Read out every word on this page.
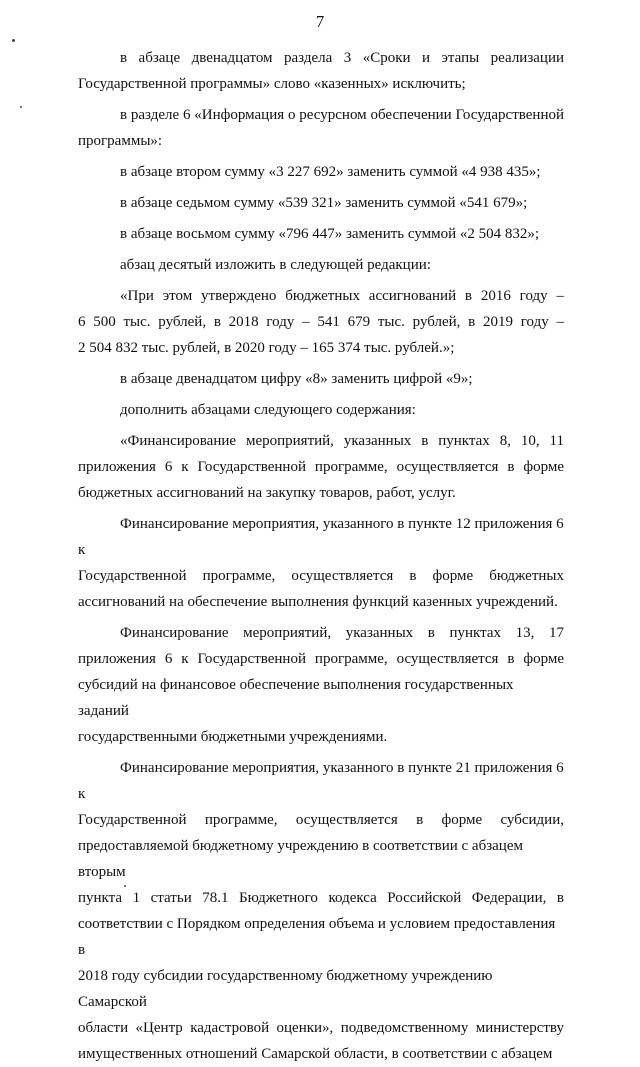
7
в абзаце двенадцатом раздела 3 «Сроки и этапы реализации
Государственной программы» слово «казенных» исключить;
в разделе 6 «Информация о ресурсном обеспечении Государственной
программы»:
в абзаце втором сумму «3 227 692» заменить суммой «4 938 435»;
в абзаце седьмом сумму «539 321» заменить суммой «541 679»;
в абзаце восьмом сумму «796 447» заменить суммой «2 504 832»;
абзац десятый изложить в следующей редакции:
«При этом утверждено бюджетных ассигнований в 2016 году –
6 500 тыс. рублей, в 2018 году – 541 679 тыс. рублей, в 2019 году –
2 504 832 тыс. рублей, в 2020 году – 165 374 тыс. рублей.»;
в абзаце двенадцатом цифру «8» заменить цифрой «9»;
дополнить абзацами следующего содержания:
«Финансирование мероприятий, указанных в пунктах 8, 10, 11
приложения 6 к Государственной программе, осуществляется в форме
бюджетных ассигнований на закупку товаров, работ, услуг.
Финансирование мероприятия, указанного в пункте 12 приложения 6 к
Государственной программе, осуществляется в форме бюджетных
ассигнований на обеспечение выполнения функций казенных учреждений.
Финансирование мероприятий, указанных в пунктах 13, 17
приложения 6 к Государственной программе, осуществляется в форме
субсидий на финансовое обеспечение выполнения государственных заданий
государственными бюджетными учреждениями.
Финансирование мероприятия, указанного в пункте 21 приложения 6 к
Государственной программе, осуществляется в форме субсидии,
предоставляемой бюджетному учреждению в соответствии с абзацем вторым
пункта 1 статьи 78.1 Бюджетного кодекса Российской Федерации, в
соответствии с Порядком определения объема и условием предоставления в
2018 году субсидии государственному бюджетному учреждению Самарской
области «Центр кадастровой оценки», подведомственному министерству
имущественных отношений Самарской области, в соответствии с абзацем
